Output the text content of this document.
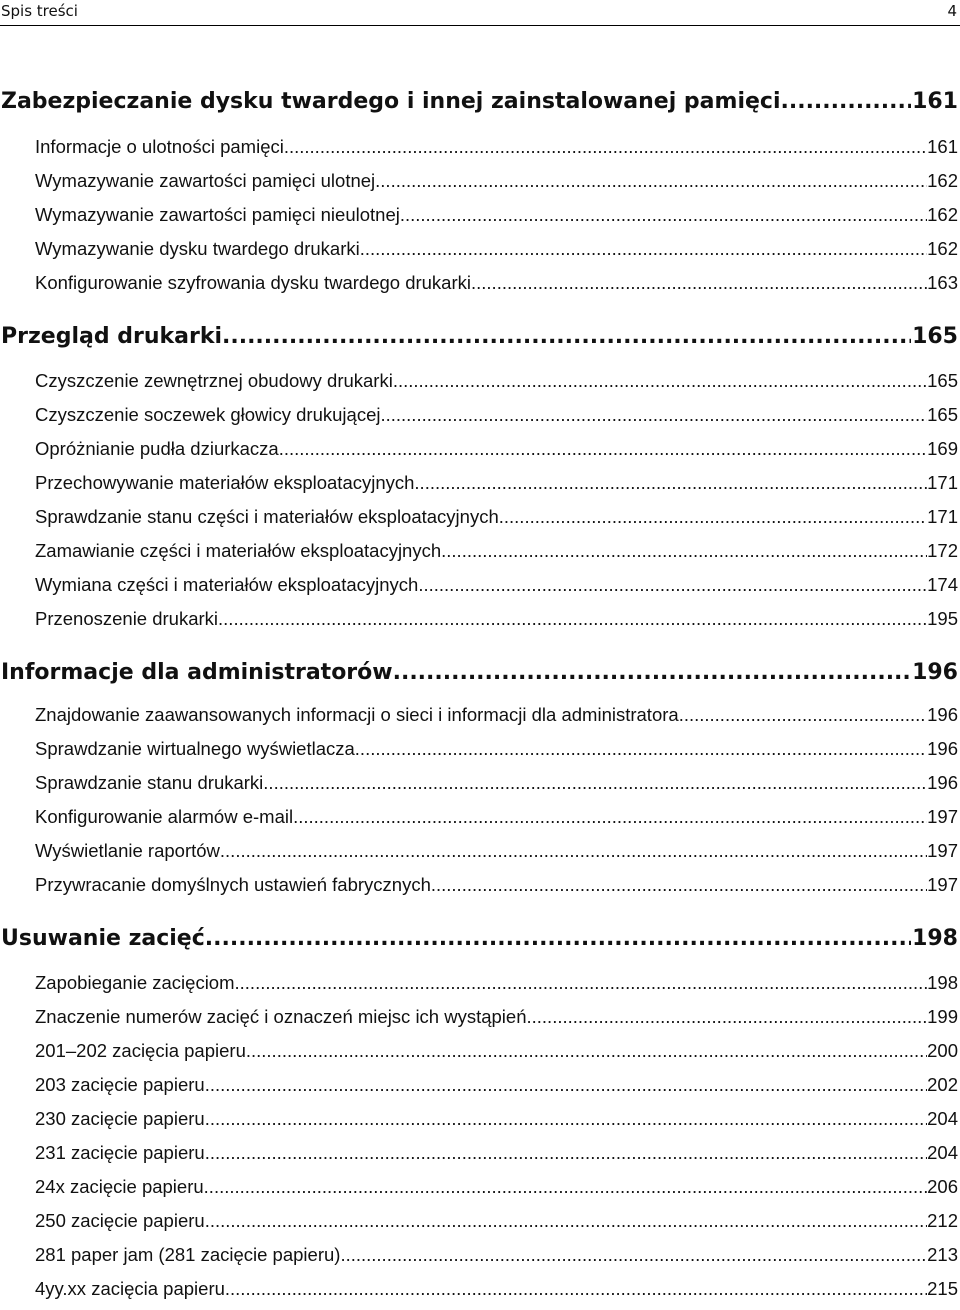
Spis treści	4
Zabezpieczanie dysku twardego i innej zainstalowanej pamięci .....	161
Informacje o ulotności pamięci .....	161
Wymazywanie zawartości pamięci ulotnej .....	162
Wymazywanie zawartości pamięci nieulotnej .....	162
Wymazywanie dysku twardego drukarki .....	162
Konfigurowanie szyfrowania dysku twardego drukarki .....	163
Przegląd drukarki .....	165
Czyszczenie zewnętrznej obudowy drukarki .....	165
Czyszczenie soczewek głowicy drukującej .....	165
Opróżnianie pudła dziurkacza .....	169
Przechowywanie materiałów eksploatacyjnych .....	171
Sprawdzanie stanu części i materiałów eksploatacyjnych .....	171
Zamawianie części i materiałów eksploatacyjnych .....	172
Wymiana części i materiałów eksploatacyjnych .....	174
Przenoszenie drukarki .....	195
Informacje dla administratorów .....	196
Znajdowanie zaawansowanych informacji o sieci i informacji dla administratora .....	196
Sprawdzanie wirtualnego wyświetlacza .....	196
Sprawdzanie stanu drukarki .....	196
Konfigurowanie alarmów e-mail .....	197
Wyświetlanie raportów .....	197
Przywracanie domyślnych ustawień fabrycznych .....	197
Usuwanie zacięć .....	198
Zapobieganie zacięciom .....	198
Znaczenie numerów zacięć i oznaczeń miejsc ich wystąpień .....	199
201–202 zacięcia papieru .....	200
203 zacięcie papieru .....	202
230 zacięcie papieru .....	204
231 zacięcie papieru .....	204
24x zacięcie papieru .....	206
250 zacięcie papieru .....	212
281 paper jam (281 zacięcie papieru) .....	213
4yy.xx zacięcia papieru .....	215
